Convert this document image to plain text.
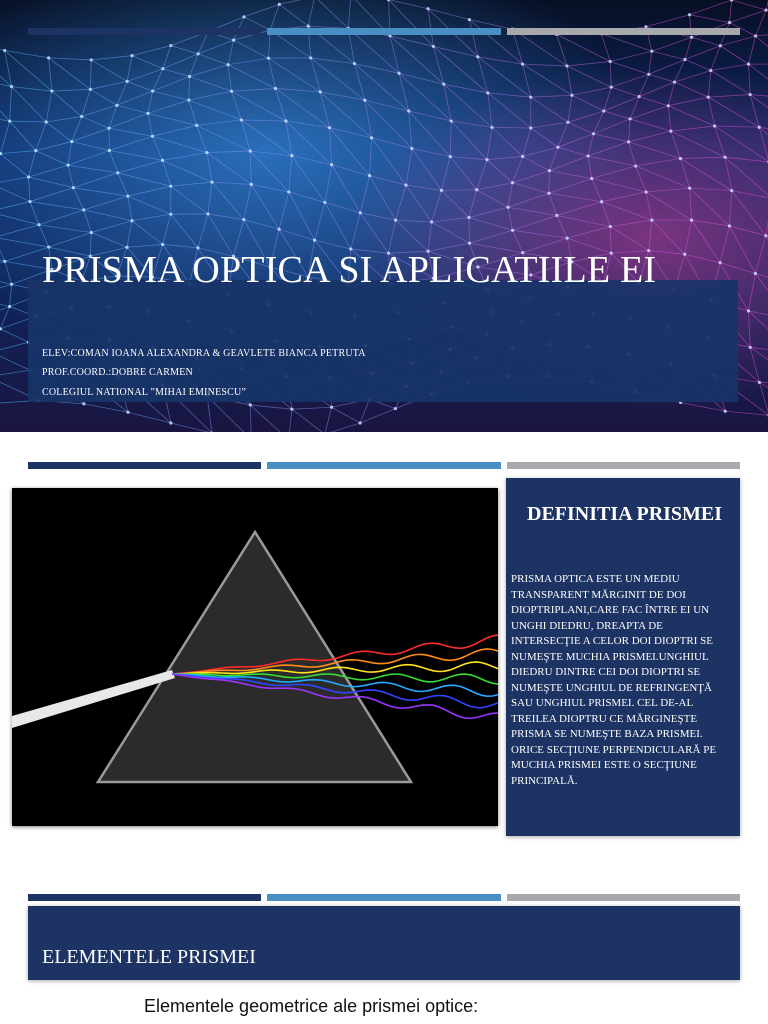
PRISMA OPTICA SI APLICATIILE EI
ELEV:COMAN IOANA ALEXANDRA & GEAVLETE BIANCA PETRUTA
PROF.COORD.:DOBRE CARMEN
COLEGIUL NATIONAL ”MIHAI EMINESCU”
DEFINITIA PRISMEI

PRISMA OPTICA ESTE UN MEDIU TRANSPARENT MĂRGINIT DE DOI DIOPTRIPLANI,CARE FAC ÎNTRE EI UN UNGHI DIEDRU, DREAPTA DE INTERSECŢIE A CELOR DOI DIOPTRI SE NUMEŞTE MUCHIA PRISMEI.UNGHIUL DIEDRU DINTRE CEI DOI DIOPTRI SE NUMEŞTE UNGHIUL DE REFRINGENŢĂ SAU UNGHIUL PRISMEI. CEL DE-AL TREILEA DIOPTRU CE MĂRGINEŞTE PRISMA SE NUMEŞTE BAZA PRISMEI. ORICE SECŢIUNE PERPENDICULARĂ PE MUCHIA PRISMEI ESTE O SECŢIUNE PRINCIPALĂ.

ELEMENTELE PRISMEI
Elementele geometrice ale prismei optice:
